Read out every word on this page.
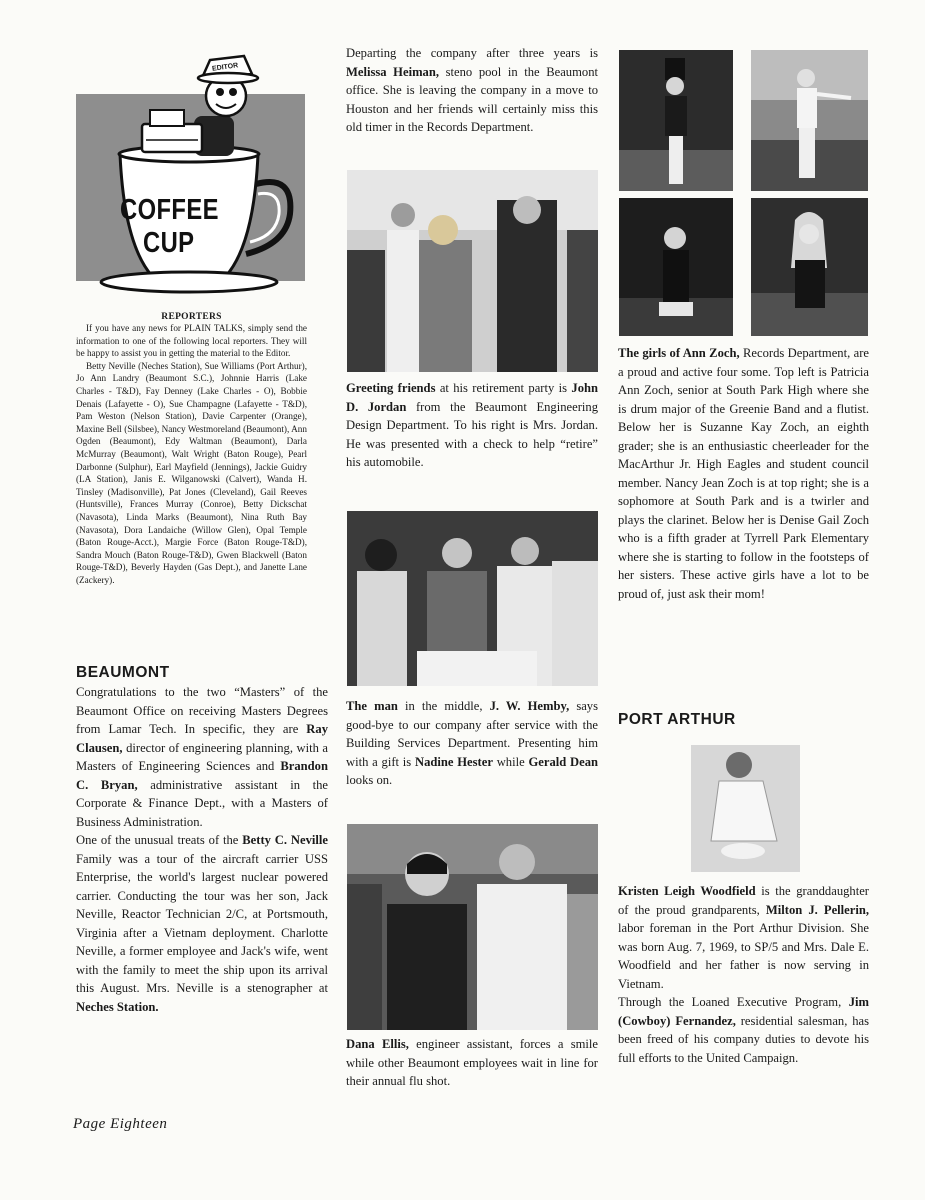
EDITOR
COFFEE
CUP

REPORTERS

If you have any news for PLAIN TALKS, simply send the information to one of the following local reporters. They will be happy to assist you in getting the material to the Editor.

Betty Neville (Neches Station), Sue Williams (Port Arthur), Jo Ann Landry (Beaumont S.C.), Johnnie Harris (Lake Charles - T&D), Fay Denney (Lake Charles - O), Bobbie Denais (Lafayette - O), Sue Champagne (Lafayette - T&D), Pam Weston (Nelson Station), Davie Carpenter (Orange), Maxine Bell (Silsbee), Nancy Westmoreland (Beaumont), Ann Ogden (Beaumont), Edy Waltman (Beaumont), Darla McMurray (Beaumont), Walt Wright (Baton Rouge), Pearl Darbonne (Sulphur), Earl Mayfield (Jennings), Jackie Guidry (LA Station), Janis E. Wilganowski (Calvert), Wanda H. Tinsley (Madisonville), Pat Jones (Cleveland), Gail Reeves (Huntsville), Frances Murray (Conroe), Betty Dickschat (Navasota), Linda Marks (Beaumont), Nina Ruth Bay (Navasota), Dora Landaiche (Willow Glen), Opal Temple (Baton Rouge-Acct.), Margie Force (Baton Rouge-T&D), Sandra Mouch (Baton Rouge-T&D), Gwen Blackwell (Baton Rouge-T&D), Beverly Hayden (Gas Dept.), and Janette Lane (Zackery).

BEAUMONT

Congratulations to the two “Masters” of the Beaumont Office on receiving Masters Degrees from Lamar Tech. In specific, they are Ray Clausen, director of engineering planning, with a Masters of Engineering Sciences and Brandon C. Bryan, administrative assistant in the Corporate & Finance Dept., with a Masters of Business Administration.

One of the unusual treats of the Betty C. Neville Family was a tour of the aircraft carrier USS Enterprise, the world's largest nuclear powered carrier. Conducting the tour was her son, Jack Neville, Reactor Technician 2/C, at Portsmouth, Virginia after a Vietnam deployment. Charlotte Neville, a former employee and Jack's wife, went with the family to meet the ship upon its arrival this August. Mrs. Neville is a stenographer at Neches Station.

Page Eighteen

Departing the company after three years is Melissa Heiman, steno pool in the Beaumont office. She is leaving the company in a move to Houston and her friends will certainly miss this old timer in the Records Department.

Greeting friends at his retirement party is John D. Jordan from the Beaumont Engineering Design Department. To his right is Mrs. Jordan. He was presented with a check to help “retire” his automobile.

The man in the middle, J. W. Hemby, says good-bye to our company after service with the Building Services Department. Presenting him with a gift is Nadine Hester while Gerald Dean looks on.

Dana Ellis, engineer assistant, forces a smile while other Beaumont employees wait in line for their annual flu shot.

The girls of Ann Zoch, Records Department, are a proud and active four some. Top left is Patricia Ann Zoch, senior at South Park High where she is drum major of the Greenie Band and a flutist. Below her is Suzanne Kay Zoch, an eighth grader; she is an enthusiastic cheerleader for the MacArthur Jr. High Eagles and student council member. Nancy Jean Zoch is at top right; she is a sophomore at South Park and is a twirler and plays the clarinet. Below her is Denise Gail Zoch who is a fifth grader at Tyrrell Park Elementary where she is starting to follow in the footsteps of her sisters. These active girls have a lot to be proud of, just ask their mom!

PORT ARTHUR

Kristen Leigh Woodfield is the granddaughter of the proud grandparents, Milton J. Pellerin, labor foreman in the Port Arthur Division. She was born Aug. 7, 1969, to SP/5 and Mrs. Dale E. Woodfield and her father is now serving in Vietnam.

Through the Loaned Executive Program, Jim (Cowboy) Fernandez, residential salesman, has been freed of his company duties to devote his full efforts to the United Campaign.
